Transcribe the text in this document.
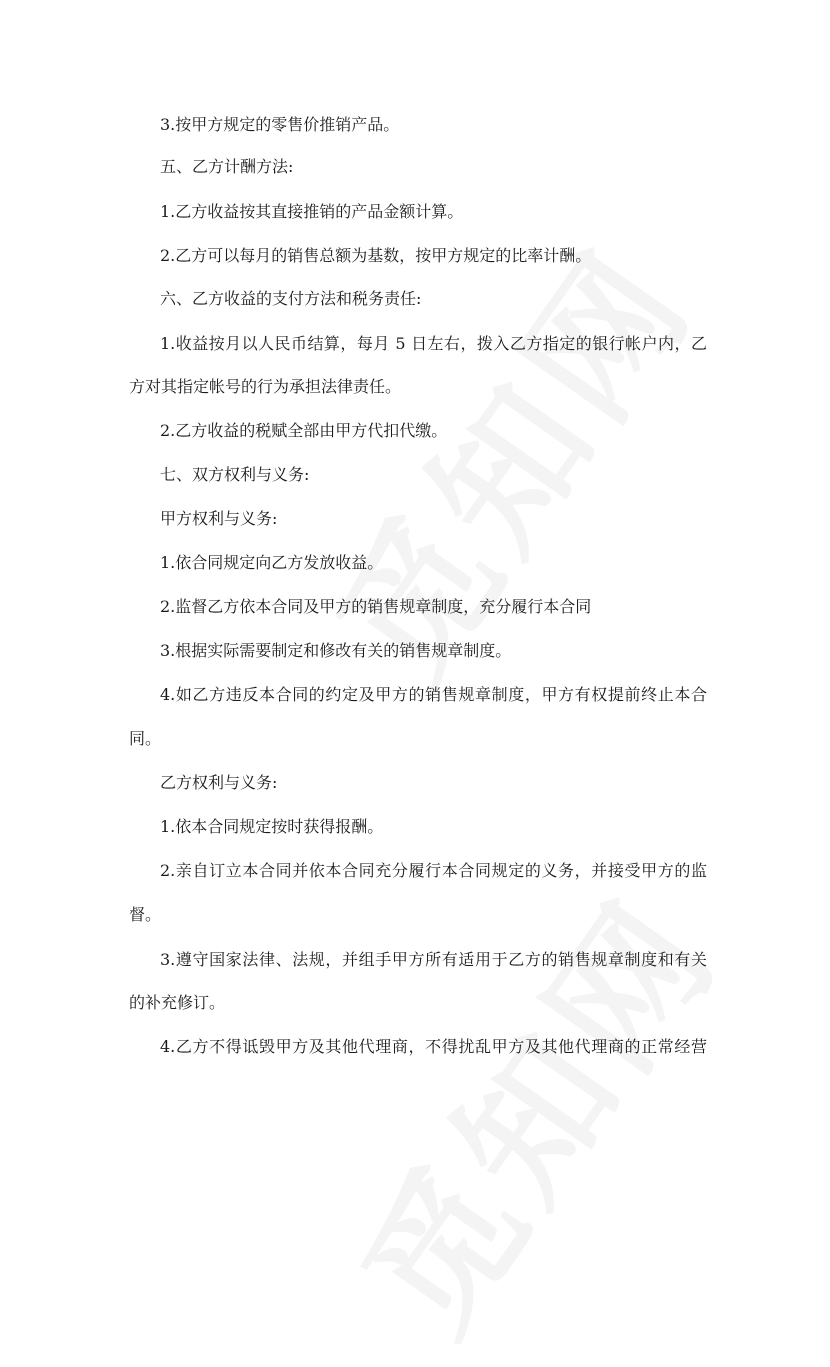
3.按甲方规定的零售价推销产品。
五、乙方计酬方法:
1.乙方收益按其直接推销的产品金额计算。
2.乙方可以每月的销售总额为基数，按甲方规定的比率计酬。
六、乙方收益的支付方法和税务责任:
1.收益按月以人民币结算，每月 5 日左右，拨入乙方指定的银行帐户内，乙
方对其指定帐号的行为承担法律责任。
2.乙方收益的税赋全部由甲方代扣代缴。
七、双方权利与义务:
甲方权利与义务:
1.依合同规定向乙方发放收益。
2.监督乙方依本合同及甲方的销售规章制度，充分履行本合同
3.根据实际需要制定和修改有关的销售规章制度。
4.如乙方违反本合同的约定及甲方的销售规章制度，甲方有权提前终止本合
同。
乙方权利与义务:
1.依本合同规定按时获得报酬。
2.亲自订立本合同并依本合同充分履行本合同规定的义务，并接受甲方的监
督。
3.遵守国家法律、法规，并组手甲方所有适用于乙方的销售规章制度和有关
的补充修订。
4.乙方不得诋毁甲方及其他代理商，不得扰乱甲方及其他代理商的正常经营
